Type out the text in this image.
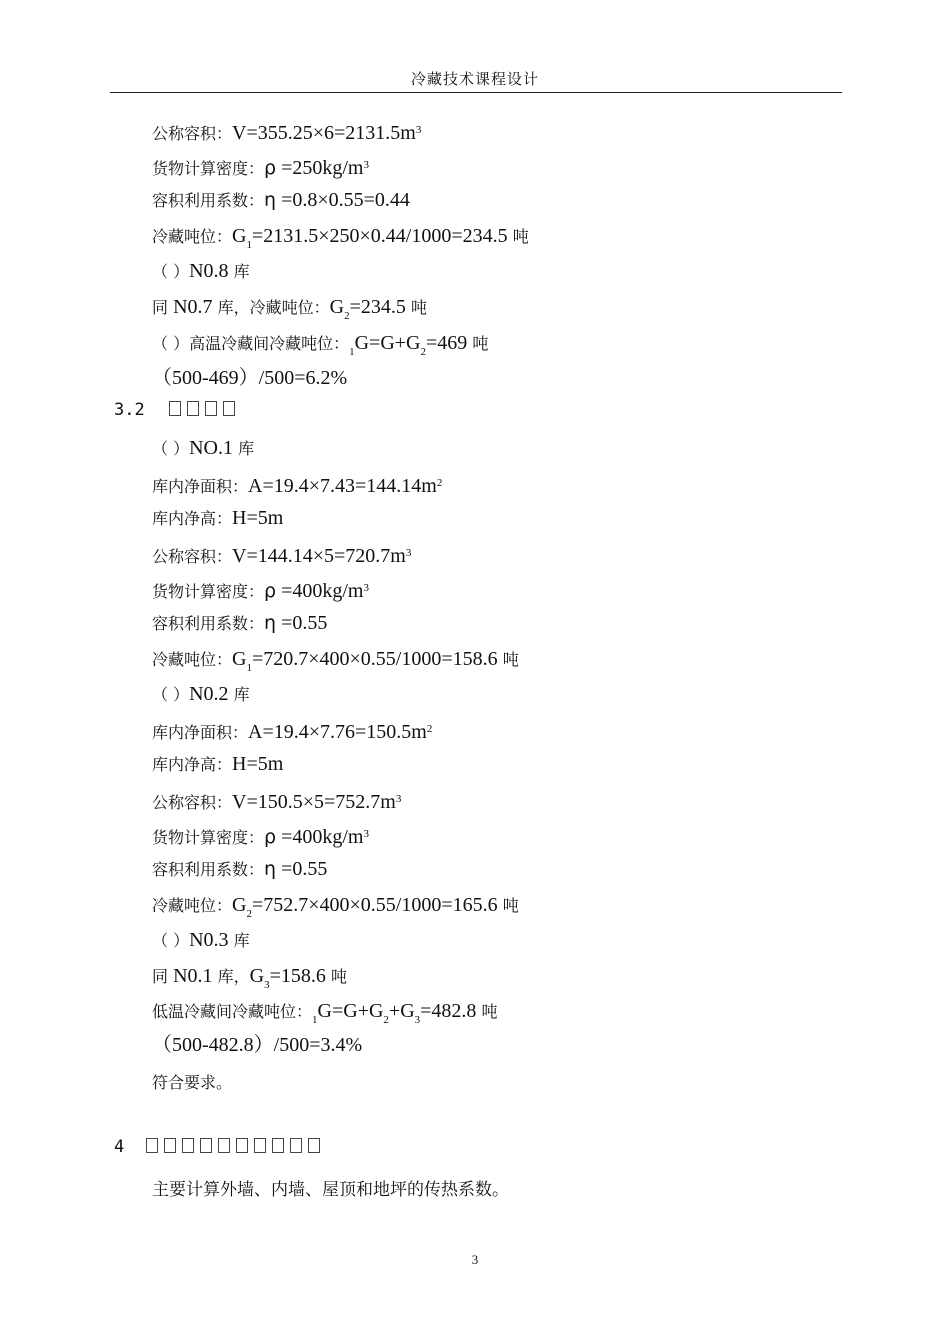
冷藏技术课程设计
公称容积：$V=355.25\times 6=2131.5m^3$
货物计算密度：$\rho =250kg/m^3$
容积利用系数：η =0.8×0.55=0.44
冷藏吨位：$G_1=2131.5\times 250\times 0.44/1000=234.5$ 吨
（ ）N0.8 库
同 N0.7 库，冷藏吨位：$G_2=234.5$ 吨
（ ）高温冷藏间冷藏吨位：$_1G=G+G_2=469$ 吨
（500-469）/500=6.2%
3.2
（ ）NO.1 库
库内净面积：$A=19.4\times 7.43=144.14m^2$
库内净高：H=5m
公称容积：$V=144.14\times 5=720.7m^3$
货物计算密度：$\rho =400kg/m^3$
容积利用系数：η =0.55
冷藏吨位：$G_1=720.7\times 400\times 0.55/1000=158.6$ 吨
（ ）N0.2 库
库内净面积：$A=19.4\times 7.76=150.5m^2$
库内净高：H=5m
公称容积：$V=150.5\times 5=752.7m^3$
货物计算密度：$\rho =400kg/m^3$
容积利用系数：η =0.55
冷藏吨位：$G_2=752.7\times 400\times 0.55/1000=165.6$ 吨
（ ）N0.3 库
同 N0.1 库，$G_3=158.6$ 吨
低温冷藏间冷藏吨位：$_1G=G+G_2+G_3=482.8$ 吨
（500-482.8）/500=3.4%
符合要求。
4
主要计算外墙、内墙、屋顶和地坪的传热系数。
3
